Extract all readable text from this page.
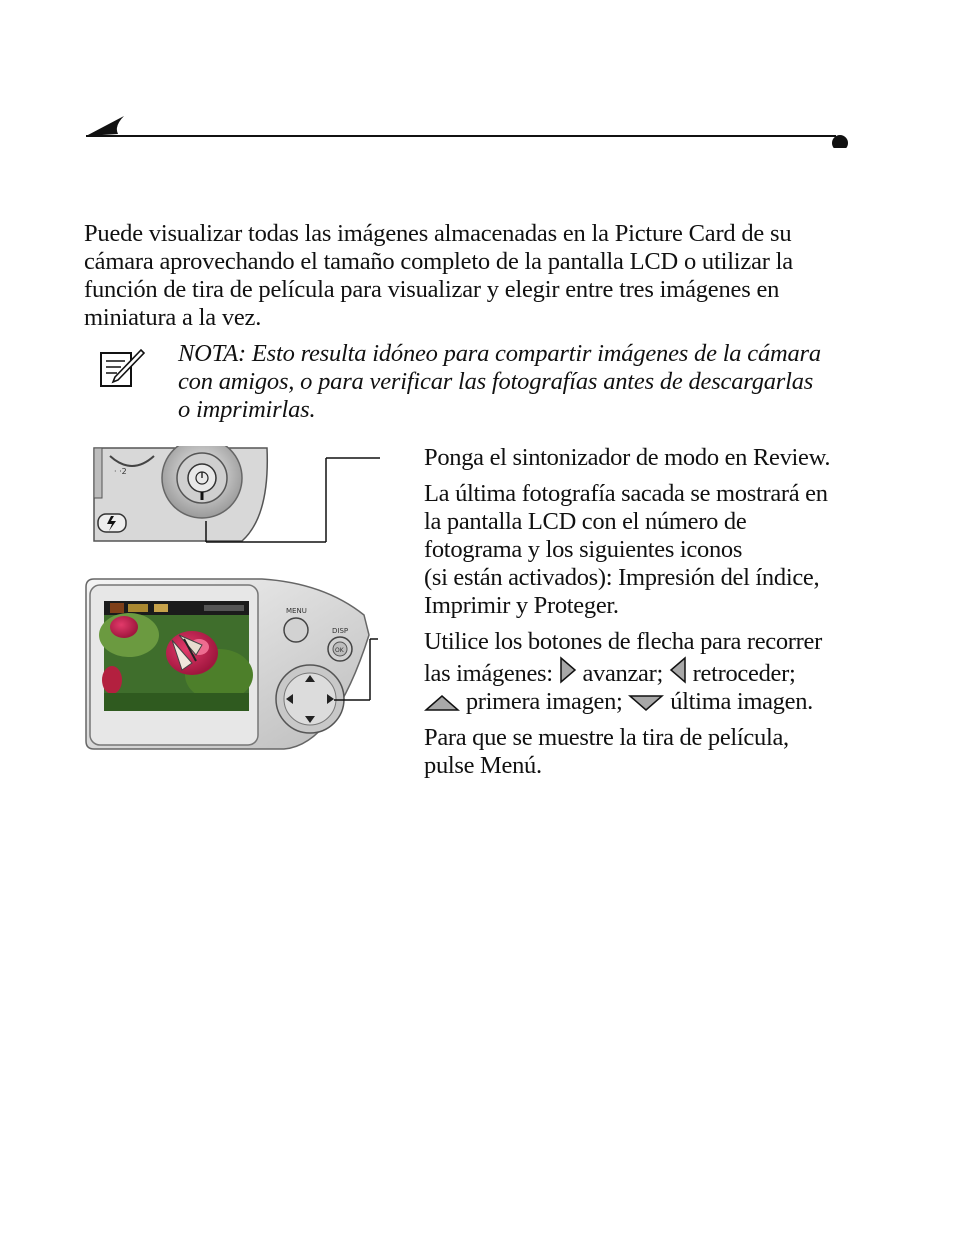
Puede visualizar todas las imágenes almacenadas en la Picture Card de su

cámara aprovechando el tamaño completo de la pantalla LCD o utilizar la

función de tira de película para visualizar y elegir entre tres imágenes en

miniatura a la vez.

NOTA: Esto resulta idóneo para compartir imágenes de la cámara

con amigos, o para verificar las fotografías antes de descargarlas

o imprimirlas.

· ·2
MENU
DISP
OK

Ponga el sintonizador de modo en Review.

La última fotografía sacada se mostrará en
la pantalla LCD con el número de
fotograma y los siguientes iconos
(si están activados): Impresión del índice,
Imprimir y Proteger.

Utilice los botones de flecha para recorrer
las imágenes: avanzar; retroceder;
primera imagen; última imagen.

Para que se muestre la tira de película,
pulse Menú.
